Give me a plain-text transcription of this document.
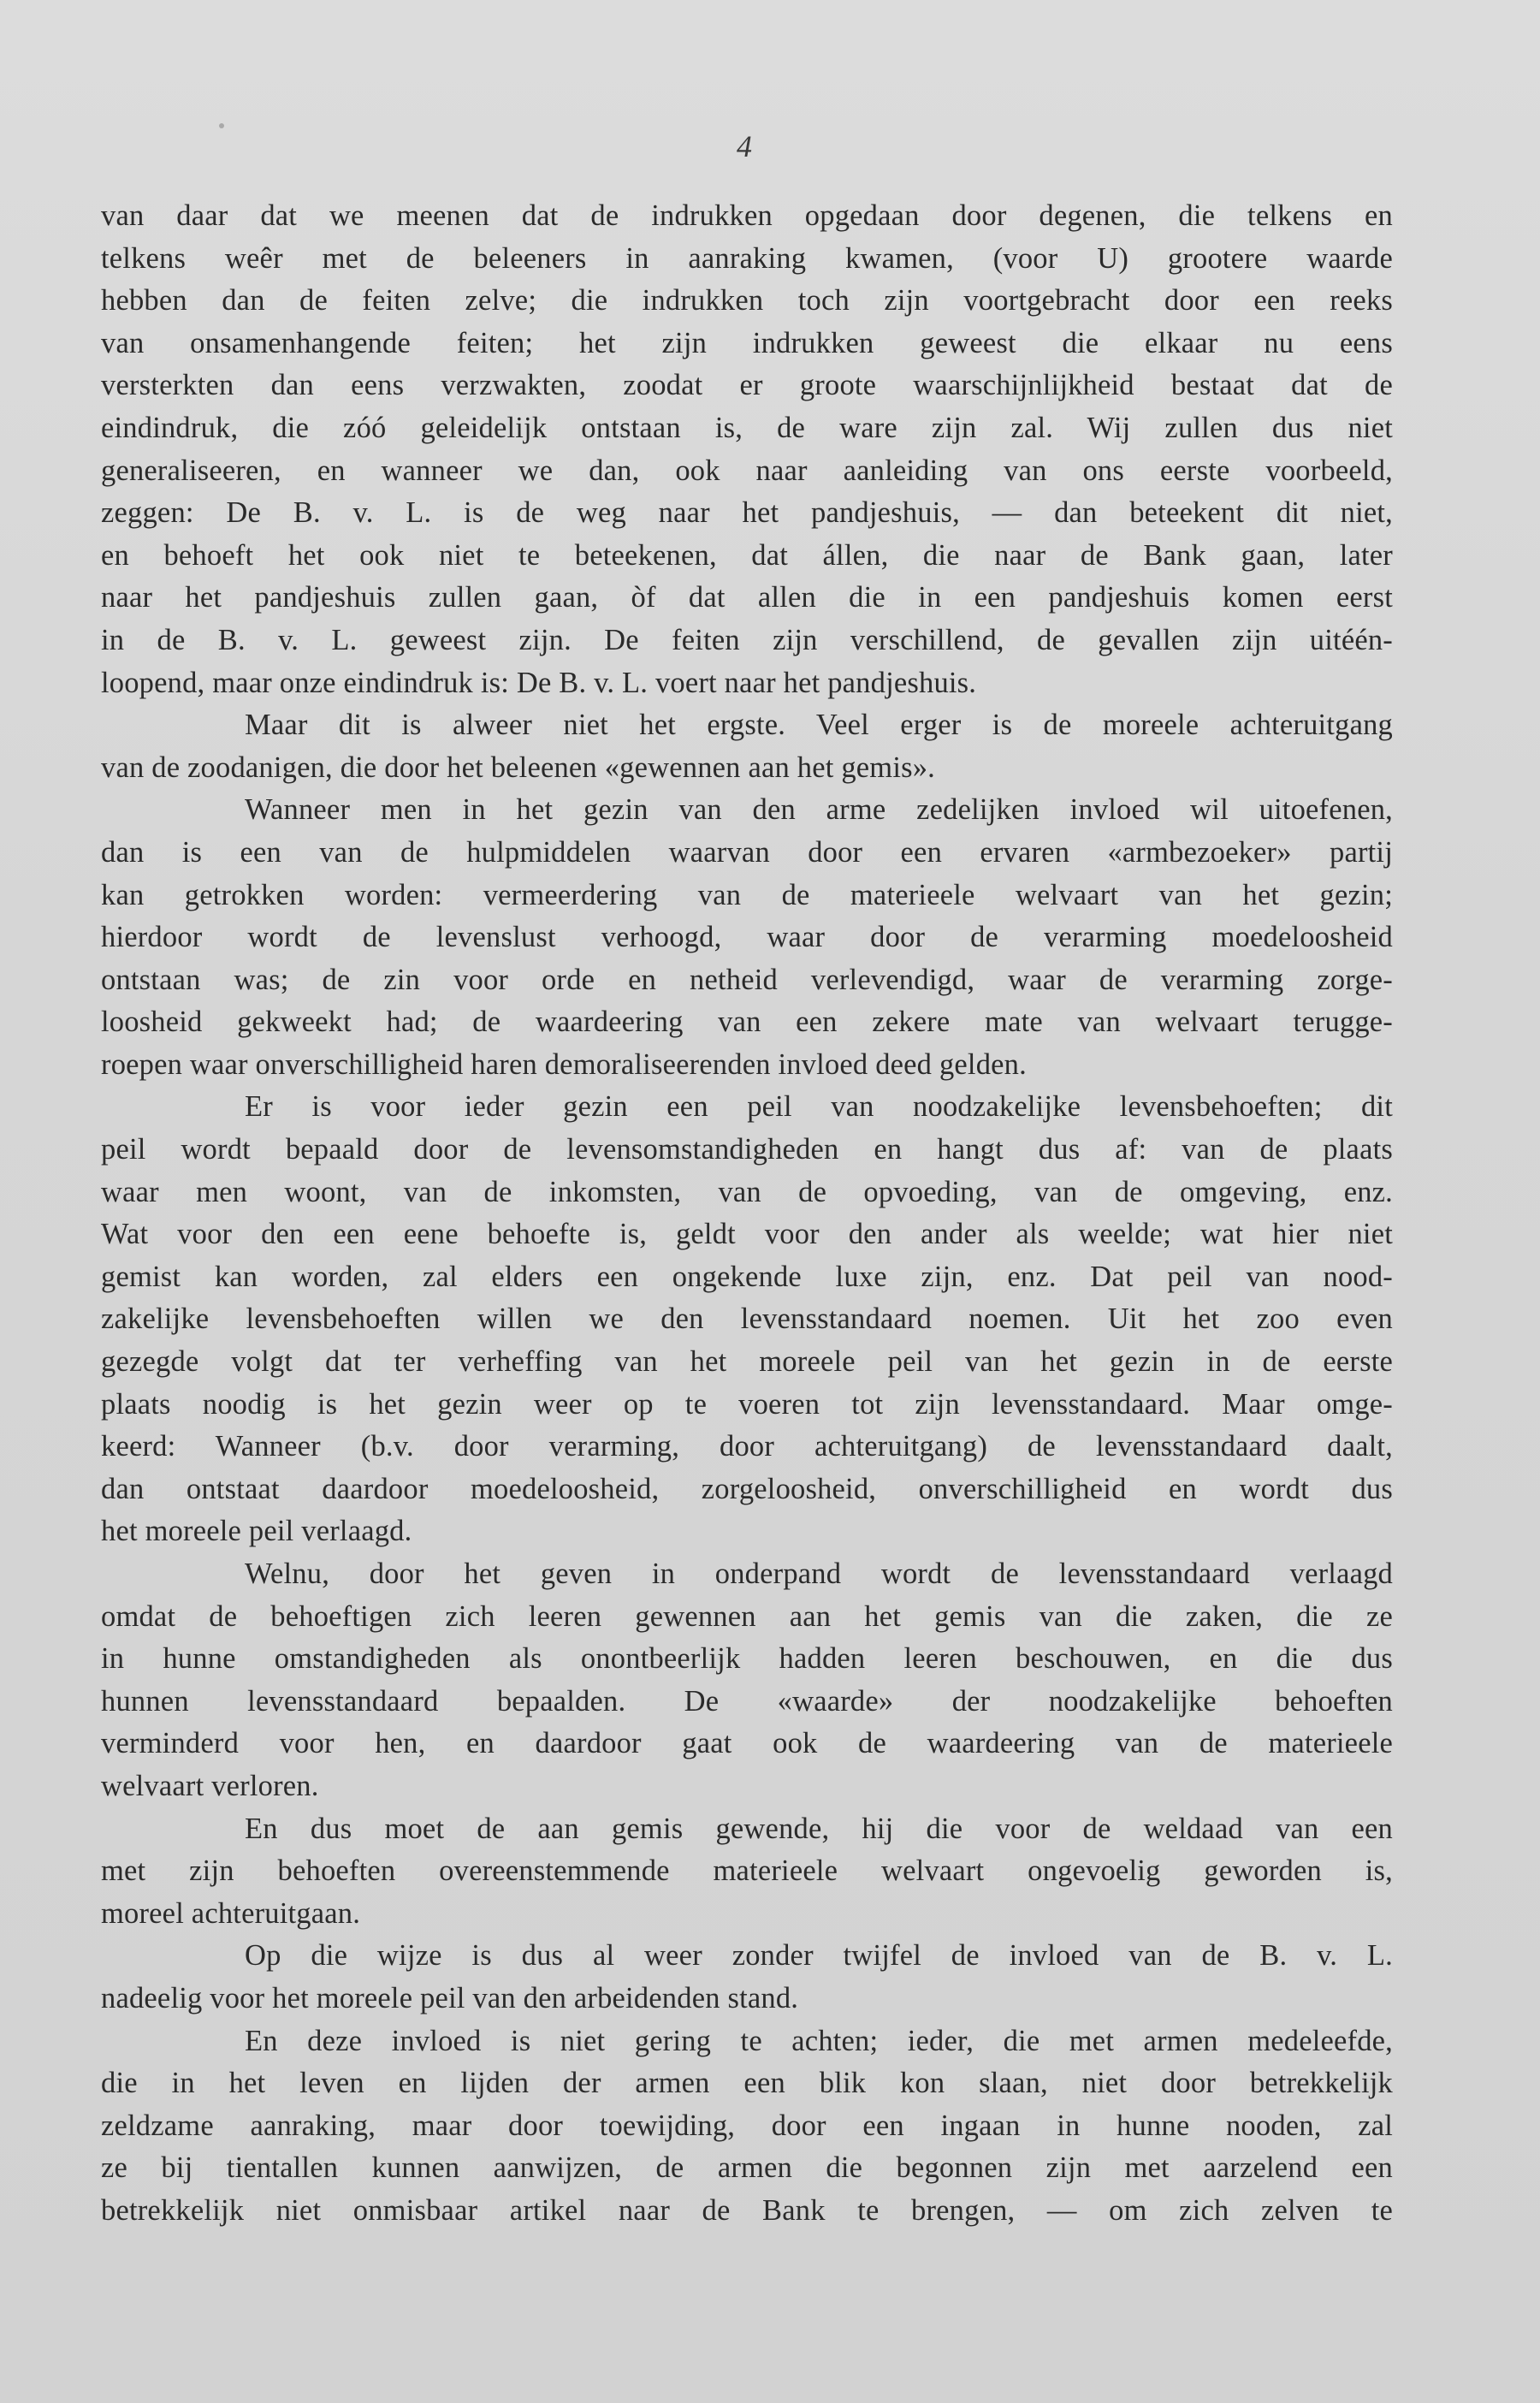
4
van daar dat we meenen dat de indrukken opgedaan door degenen, die telkens en
telkens weêr met de beleeners in aanraking kwamen, (voor U) grootere waarde
hebben dan de feiten zelve; die indrukken toch zijn voortgebracht door een reeks
van onsamenhangende feiten; het zijn indrukken geweest die elkaar nu eens
versterkten dan eens verzwakten, zoodat er groote waarschijnlijkheid bestaat dat de
eindindruk, die zóó geleidelijk ontstaan is, de ware zijn zal. Wij zullen dus niet
generaliseeren, en wanneer we dan, ook naar aanleiding van ons eerste voorbeeld,
zeggen: De B. v. L. is de weg naar het pandjeshuis, — dan beteekent dit niet,
en behoeft het ook niet te beteekenen, dat állen, die naar de Bank gaan, later
naar het pandjeshuis zullen gaan, òf dat allen die in een pandjeshuis komen eerst
in de B. v. L. geweest zijn. De feiten zijn verschillend, de gevallen zijn uitéén-
loopend, maar onze eindindruk is: De B. v. L. voert naar het pandjeshuis.
Maar dit is alweer niet het ergste. Veel erger is de moreele achteruitgang
van de zoodanigen, die door het beleenen «gewennen aan het gemis».
Wanneer men in het gezin van den arme zedelijken invloed wil uitoefenen,
dan is een van de hulpmiddelen waarvan door een ervaren «armbezoeker» partij
kan getrokken worden: vermeerdering van de materieele welvaart van het gezin;
hierdoor wordt de levenslust verhoogd, waar door de verarming moedeloosheid
ontstaan was; de zin voor orde en netheid verlevendigd, waar de verarming zorge-
loosheid gekweekt had; de waardeering van een zekere mate van welvaart terugge-
roepen waar onverschilligheid haren demoraliseerenden invloed deed gelden.
Er is voor ieder gezin een peil van noodzakelijke levensbehoeften; dit
peil wordt bepaald door de levensomstandigheden en hangt dus af: van de plaats
waar men woont, van de inkomsten, van de opvoeding, van de omgeving, enz.
Wat voor den een eene behoefte is, geldt voor den ander als weelde; wat hier niet
gemist kan worden, zal elders een ongekende luxe zijn, enz. Dat peil van nood-
zakelijke levensbehoeften willen we den levensstandaard noemen. Uit het zoo even
gezegde volgt dat ter verheffing van het moreele peil van het gezin in de eerste
plaats noodig is het gezin weer op te voeren tot zijn levensstandaard. Maar omge-
keerd: Wanneer (b.v. door verarming, door achteruitgang) de levensstandaard daalt,
dan ontstaat daardoor moedeloosheid, zorgeloosheid, onverschilligheid en wordt dus
het moreele peil verlaagd.
Welnu, door het geven in onderpand wordt de levensstandaard verlaagd
omdat de behoeftigen zich leeren gewennen aan het gemis van die zaken, die ze
in hunne omstandigheden als onontbeerlijk hadden leeren beschouwen, en die dus
hunnen levensstandaard bepaalden. De «waarde» der noodzakelijke behoeften
verminderd voor hen, en daardoor gaat ook de waardeering van de materieele
welvaart verloren.
En dus moet de aan gemis gewende, hij die voor de weldaad van een
met zijn behoeften overeenstemmende materieele welvaart ongevoelig geworden is,
moreel achteruitgaan.
Op die wijze is dus al weer zonder twijfel de invloed van de B. v. L.
nadeelig voor het moreele peil van den arbeidenden stand.
En deze invloed is niet gering te achten; ieder, die met armen medeleefde,
die in het leven en lijden der armen een blik kon slaan, niet door betrekkelijk
zeldzame aanraking, maar door toewijding, door een ingaan in hunne nooden, zal
ze bij tientallen kunnen aanwijzen, de armen die begonnen zijn met aarzelend een
betrekkelijk niet onmisbaar artikel naar de Bank te brengen, — om zich zelven te
